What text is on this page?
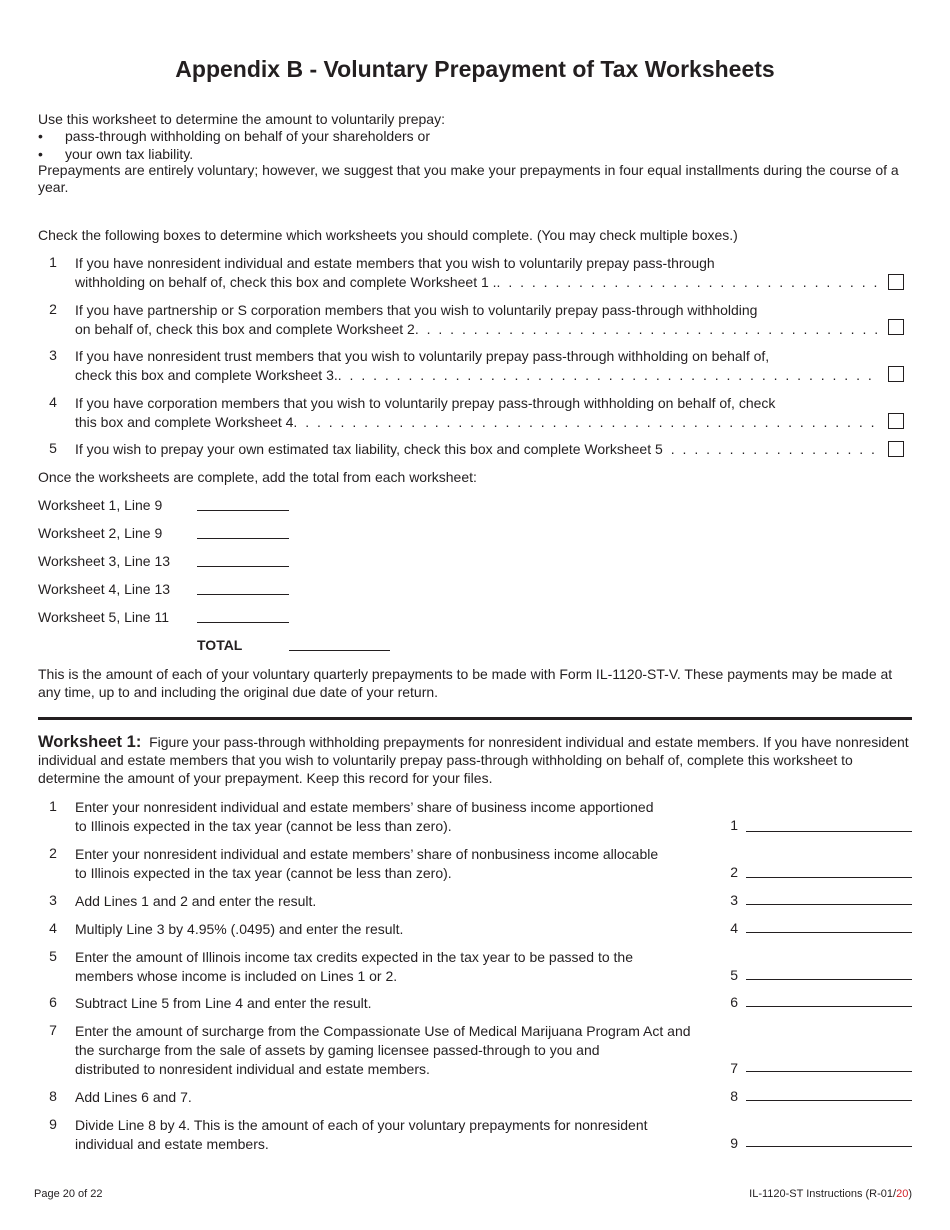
Appendix B - Voluntary Prepayment of Tax Worksheets
Use this worksheet to determine the amount to voluntarily prepay:
• pass-through withholding on behalf of your shareholders or
• your own tax liability.
Prepayments are entirely voluntary; however, we suggest that you make your prepayments in four equal installments during the course of a year.
Check the following boxes to determine which worksheets you should complete. (You may check multiple boxes.)
1	If you have nonresident individual and estate members that you wish to voluntarily prepay pass-through
withholding on behalf of, check this box and complete Worksheet 1 .
. . .
2	If you have partnership or S corporation members that you wish to voluntarily prepay pass-through withholding
on behalf of, check this box and complete Worksheet 2
. . .
3	If you have nonresident trust members that you wish to voluntarily prepay pass-through withholding on behalf of,
check this box and complete Worksheet 3.
. . .
4	If you have corporation members that you wish to voluntarily prepay pass-through withholding on behalf of, check
this box and complete Worksheet 4
. . .
5	If you wish to prepay your own estimated tax liability, check this box and complete Worksheet 5
. . .
Once the worksheets are complete, add the total from each worksheet:
Worksheet 1, Line 9
Worksheet 2, Line 9
Worksheet 3, Line 13
Worksheet 4, Line 13
Worksheet 5, Line 11
TOTAL
This is the amount of each of your voluntary quarterly prepayments to be made with Form IL-1120-ST-V. These payments may be made at any time, up to and including the original due date of your return.
Worksheet 1: Figure your pass-through withholding prepayments for nonresident individual and estate members. If you have nonresident individual and estate members that you wish to voluntarily prepay pass-through withholding on behalf of, complete this worksheet to determine the amount of your prepayment. Keep this record for your files.
1	Enter your nonresident individual and estate members’ share of business income apportioned
to Illinois expected in the tax year (cannot be less than zero).	1
2	Enter your nonresident individual and estate members’ share of nonbusiness income allocable
to Illinois expected in the tax year (cannot be less than zero).	2
3	Add Lines 1 and 2 and enter the result.	3
4	Multiply Line 3 by 4.95% (.0495) and enter the result.	4
5	Enter the amount of Illinois income tax credits expected in the tax year to be passed to the
members whose income is included on Lines 1 or 2.	5
6	Subtract Line 5 from Line 4 and enter the result.	6
7	Enter the amount of surcharge from the Compassionate Use of Medical Marijuana Program Act and
the surcharge from the sale of assets by gaming licensee passed-through to you and
distributed to nonresident individual and estate members.	7
8	Add Lines 6 and 7.	8
9	Divide Line 8 by 4. This is the amount of each of your voluntary prepayments for nonresident
individual and estate members.	9
Page 20 of 22	IL-1120-ST Instructions (R-01/20)
